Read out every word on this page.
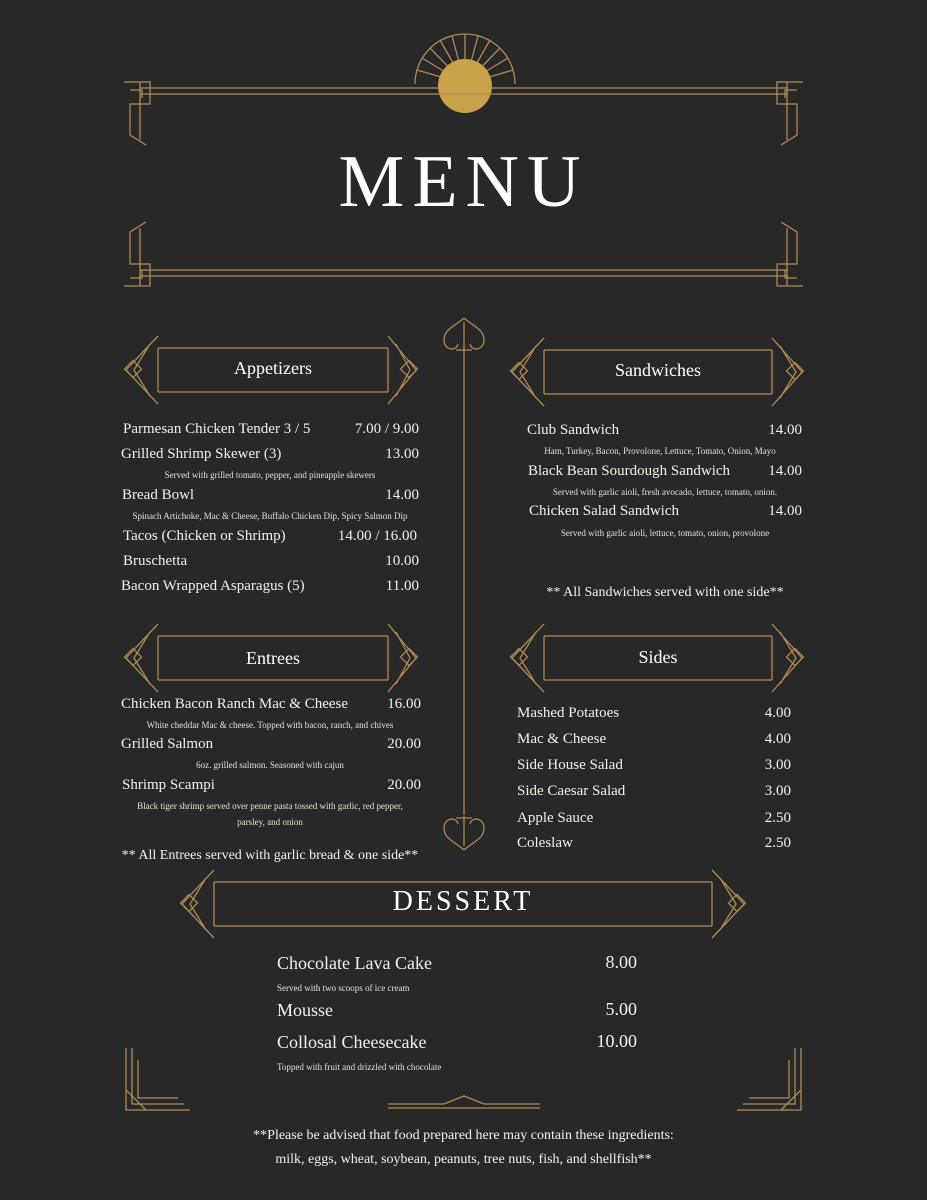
MENU
Appetizers
Parmesan Chicken Tender 3 / 5	7.00 / 9.00
Grilled Shrimp Skewer (3)	13.00
Served with grilled tomato, pepper, and pineapple skewers
Bread Bowl	14.00
Spinach Artichoke, Mac & Cheese, Buffalo Chicken Dip, Spicy Salmon Dip
Tacos (Chicken or Shrimp)	14.00 / 16.00
Bruschetta	10.00
Bacon Wrapped Asparagus (5)	11.00
Sandwiches
Club Sandwich	14.00
Ham, Turkey, Bacon, Provolone, Lettuce, Tomato, Onion, Mayo
Black Bean Sourdough Sandwich	14.00
Served with garlic aioli, fresh avocado, lettuce, tomato, onion.
Chicken Salad Sandwich	14.00
Served with garlic aioli, lettuce, tomato, onion, provolone
** All Sandwiches served with one side**
Entrees
Chicken Bacon Ranch Mac & Cheese	16.00
White cheddar Mac & cheese. Topped with bacon, ranch, and chives
Grilled Salmon	20.00
6oz. grilled salmon. Seasoned with cajun
Shrimp Scampi	20.00
Black tiger shrimp served over penne pasta tossed with garlic, red pepper,
parsley, and onion
** All Entrees served with garlic bread & one side**
Sides
Mashed Potatoes	4.00
Mac & Cheese	4.00
Side House Salad	3.00
Side Caesar Salad	3.00
Apple Sauce	2.50
Coleslaw	2.50
DESSERT
Chocolate Lava Cake	8.00
Served with two scoops of ice cream
Mousse	5.00
Collosal Cheesecake	10.00
Topped with fruit and drizzled with chocolate
**Please be advised that food prepared here may contain these ingredients:
milk, eggs, wheat, soybean, peanuts, tree nuts, fish, and shellfish**
